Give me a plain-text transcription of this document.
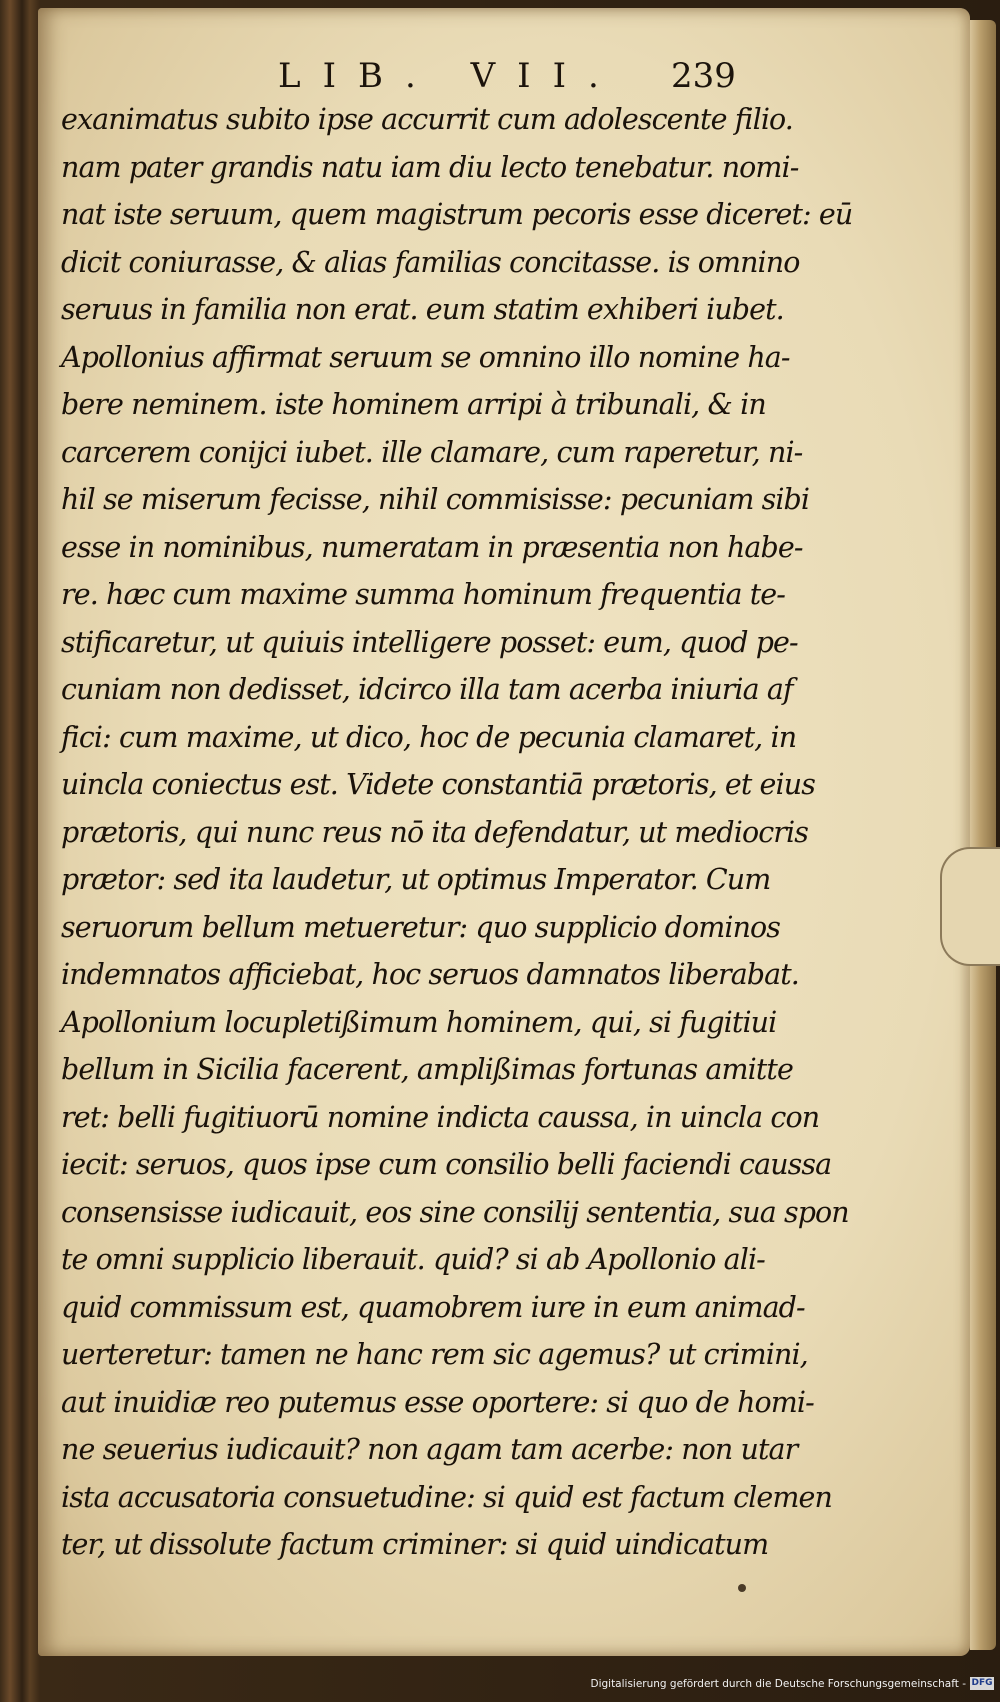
LIB. VII. 239
exanimatus subito ipse accurrit cum adolescente filio.
nam pater grandis natu iam diu lecto tenebatur. nomi-
nat iste seruum, quem magistrum pecoris esse diceret: eū
dicit coniurasse, & alias familias concitasse. is omnino
seruus in familia non erat. eum statim exhiberi iubet.
Apollonius affirmat seruum se omnino illo nomine ha-
bere neminem. iste hominem arripi à tribunali, & in
carcerem conijci iubet. ille clamare, cum raperetur, ni-
hil se miserum fecisse, nihil commisisse: pecuniam sibi
esse in nominibus, numeratam in præsentia non habe-
re. hæc cum maxime summa hominum frequentia te-
stificaretur, ut quiuis intelligere posset: eum, quod pe-
cuniam non dedisset, idcirco illa tam acerba iniuria af
fici: cum maxime, ut dico, hoc de pecunia clamaret, in
uincla coniectus est. Videte constantiā prætoris, et eius
prætoris, qui nunc reus nō ita defendatur, ut mediocris
prætor: sed ita laudetur, ut optimus Imperator. Cum
seruorum bellum metueretur: quo supplicio dominos
indemnatos afficiebat, hoc seruos damnatos liberabat.
Apollonium locupletißimum hominem, qui, si fugitiui
bellum in Sicilia facerent, amplißimas fortunas amitte
ret: belli fugitiuorū nomine indicta caussa, in uincla con
iecit: seruos, quos ipse cum consilio belli faciendi caussa
consensisse iudicauit, eos sine consilij sententia, sua spon
te omni supplicio liberauit. quid? si ab Apollonio ali-
quid commissum est, quamobrem iure in eum animad-
uerteretur: tamen ne hanc rem sic agemus? ut crimini,
aut inuidiæ reo putemus esse oportere: si quo de homi-
ne seuerius iudicauit? non agam tam acerbe: non utar
ista accusatoria consuetudine: si quid est factum clemen
ter, ut dissolute factum criminer: si quid uindicatum
Digitalisierung gefördert durch die Deutsche Forschungsgemeinschaft - DFG
